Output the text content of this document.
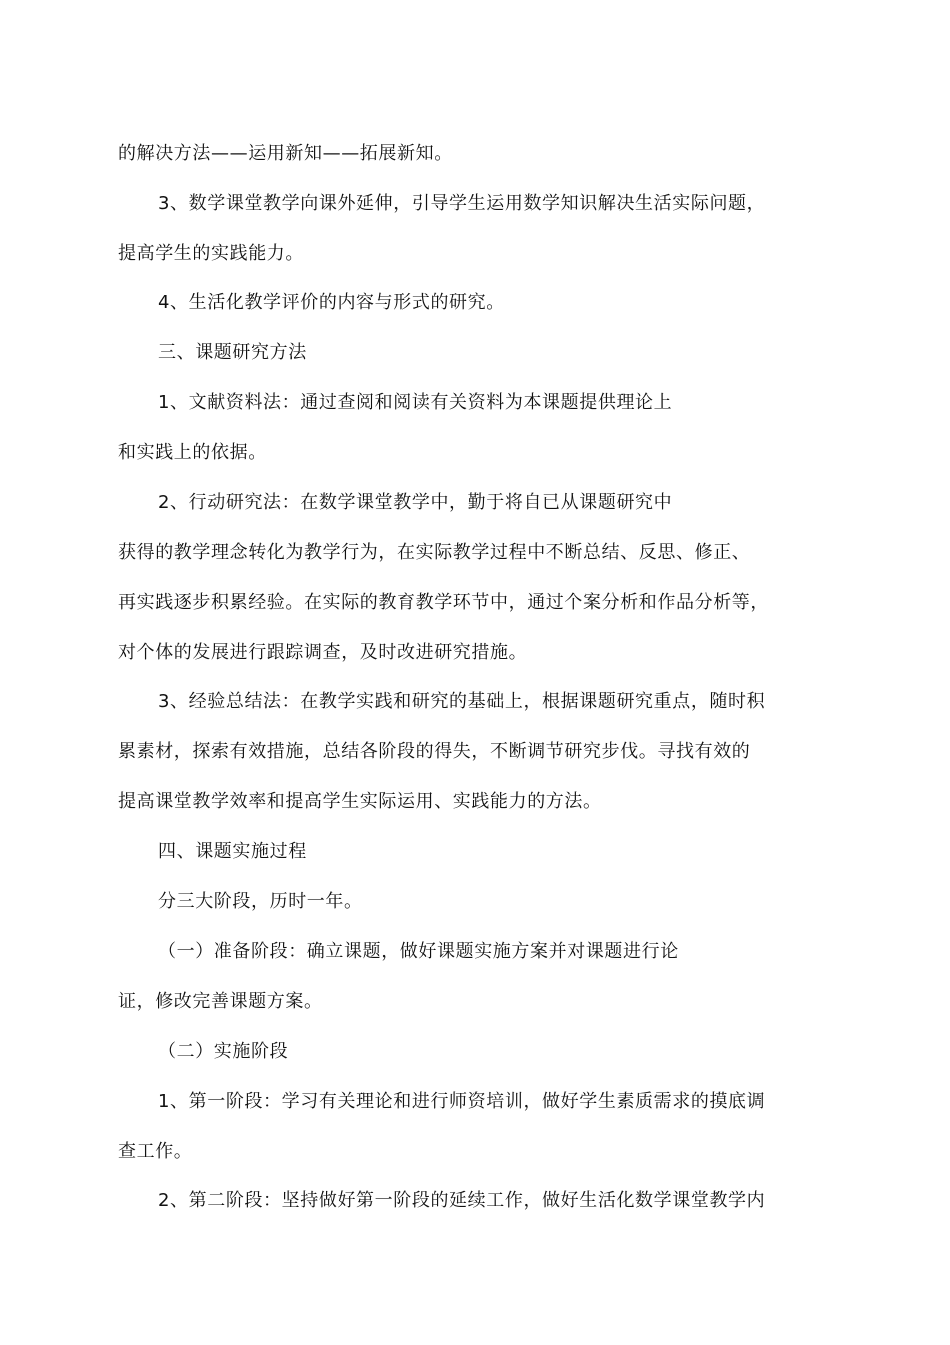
的解决方法——运用新知——拓展新知。
3、数学课堂教学向课外延伸，引导学生运用数学知识解决生活实际问题，
提高学生的实践能力。
4、生活化教学评价的内容与形式的研究。
三、课题研究方法
1、文献资料法：通过查阅和阅读有关资料为本课题提供理论上
和实践上的依据。
2、行动研究法：在数学课堂教学中，勤于将自已从课题研究中
获得的教学理念转化为教学行为，在实际教学过程中不断总结、反思、修正、
再实践逐步积累经验。在实际的教育教学环节中，通过个案分析和作品分析等，
对个体的发展进行跟踪调查，及时改进研究措施。
3、经验总结法：在教学实践和研究的基础上，根据课题研究重点，随时积
累素材，探索有效措施，总结各阶段的得失，不断调节研究步伐。寻找有效的
提高课堂教学效率和提高学生实际运用、实践能力的方法。
四、课题实施过程
分三大阶段，历时一年。
（一）准备阶段：确立课题，做好课题实施方案并对课题进行论
证，修改完善课题方案。
（二）实施阶段
1、第一阶段：学习有关理论和进行师资培训，做好学生素质需求的摸底调
查工作。
2、第二阶段：坚持做好第一阶段的延续工作，做好生活化数学课堂教学内
